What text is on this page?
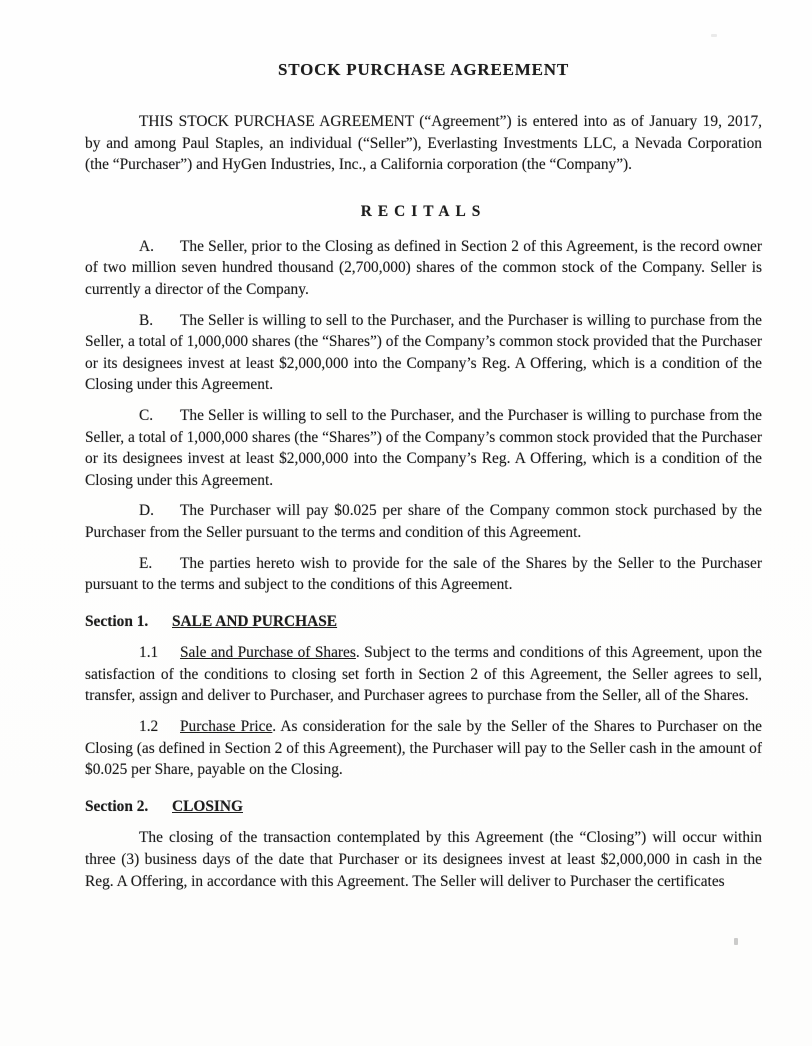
STOCK PURCHASE AGREEMENT

THIS STOCK PURCHASE AGREEMENT (“Agreement”) is entered into as of January 19, 2017, by and among Paul Staples, an individual (“Seller”), Everlasting Investments LLC, a Nevada Corporation (the “Purchaser”) and HyGen Industries, Inc., a California corporation (the “Company”).

RECITALS

A. The Seller, prior to the Closing as defined in Section 2 of this Agreement, is the record owner of two million seven hundred thousand (2,700,000) shares of the common stock of the Company. Seller is currently a director of the Company.

B. The Seller is willing to sell to the Purchaser, and the Purchaser is willing to purchase from the Seller, a total of 1,000,000 shares (the “Shares”) of the Company’s common stock provided that the Purchaser or its designees invest at least $2,000,000 into the Company’s Reg. A Offering, which is a condition of the Closing under this Agreement.

C. The Seller is willing to sell to the Purchaser, and the Purchaser is willing to purchase from the Seller, a total of 1,000,000 shares (the “Shares”) of the Company’s common stock provided that the Purchaser or its designees invest at least $2,000,000 into the Company’s Reg. A Offering, which is a condition of the Closing under this Agreement.

D. The Purchaser will pay $0.025 per share of the Company common stock purchased by the Purchaser from the Seller pursuant to the terms and condition of this Agreement.

E. The parties hereto wish to provide for the sale of the Shares by the Seller to the Purchaser pursuant to the terms and subject to the conditions of this Agreement.

Section 1. SALE AND PURCHASE

1.1 Sale and Purchase of Shares. Subject to the terms and conditions of this Agreement, upon the satisfaction of the conditions to closing set forth in Section 2 of this Agreement, the Seller agrees to sell, transfer, assign and deliver to Purchaser, and Purchaser agrees to purchase from the Seller, all of the Shares.

1.2 Purchase Price. As consideration for the sale by the Seller of the Shares to Purchaser on the Closing (as defined in Section 2 of this Agreement), the Purchaser will pay to the Seller cash in the amount of $0.025 per Share, payable on the Closing.

Section 2. CLOSING

The closing of the transaction contemplated by this Agreement (the “Closing”) will occur within three (3) business days of the date that Purchaser or its designees invest at least $2,000,000 in cash in the Reg. A Offering, in accordance with this Agreement. The Seller will deliver to Purchaser the certificates
